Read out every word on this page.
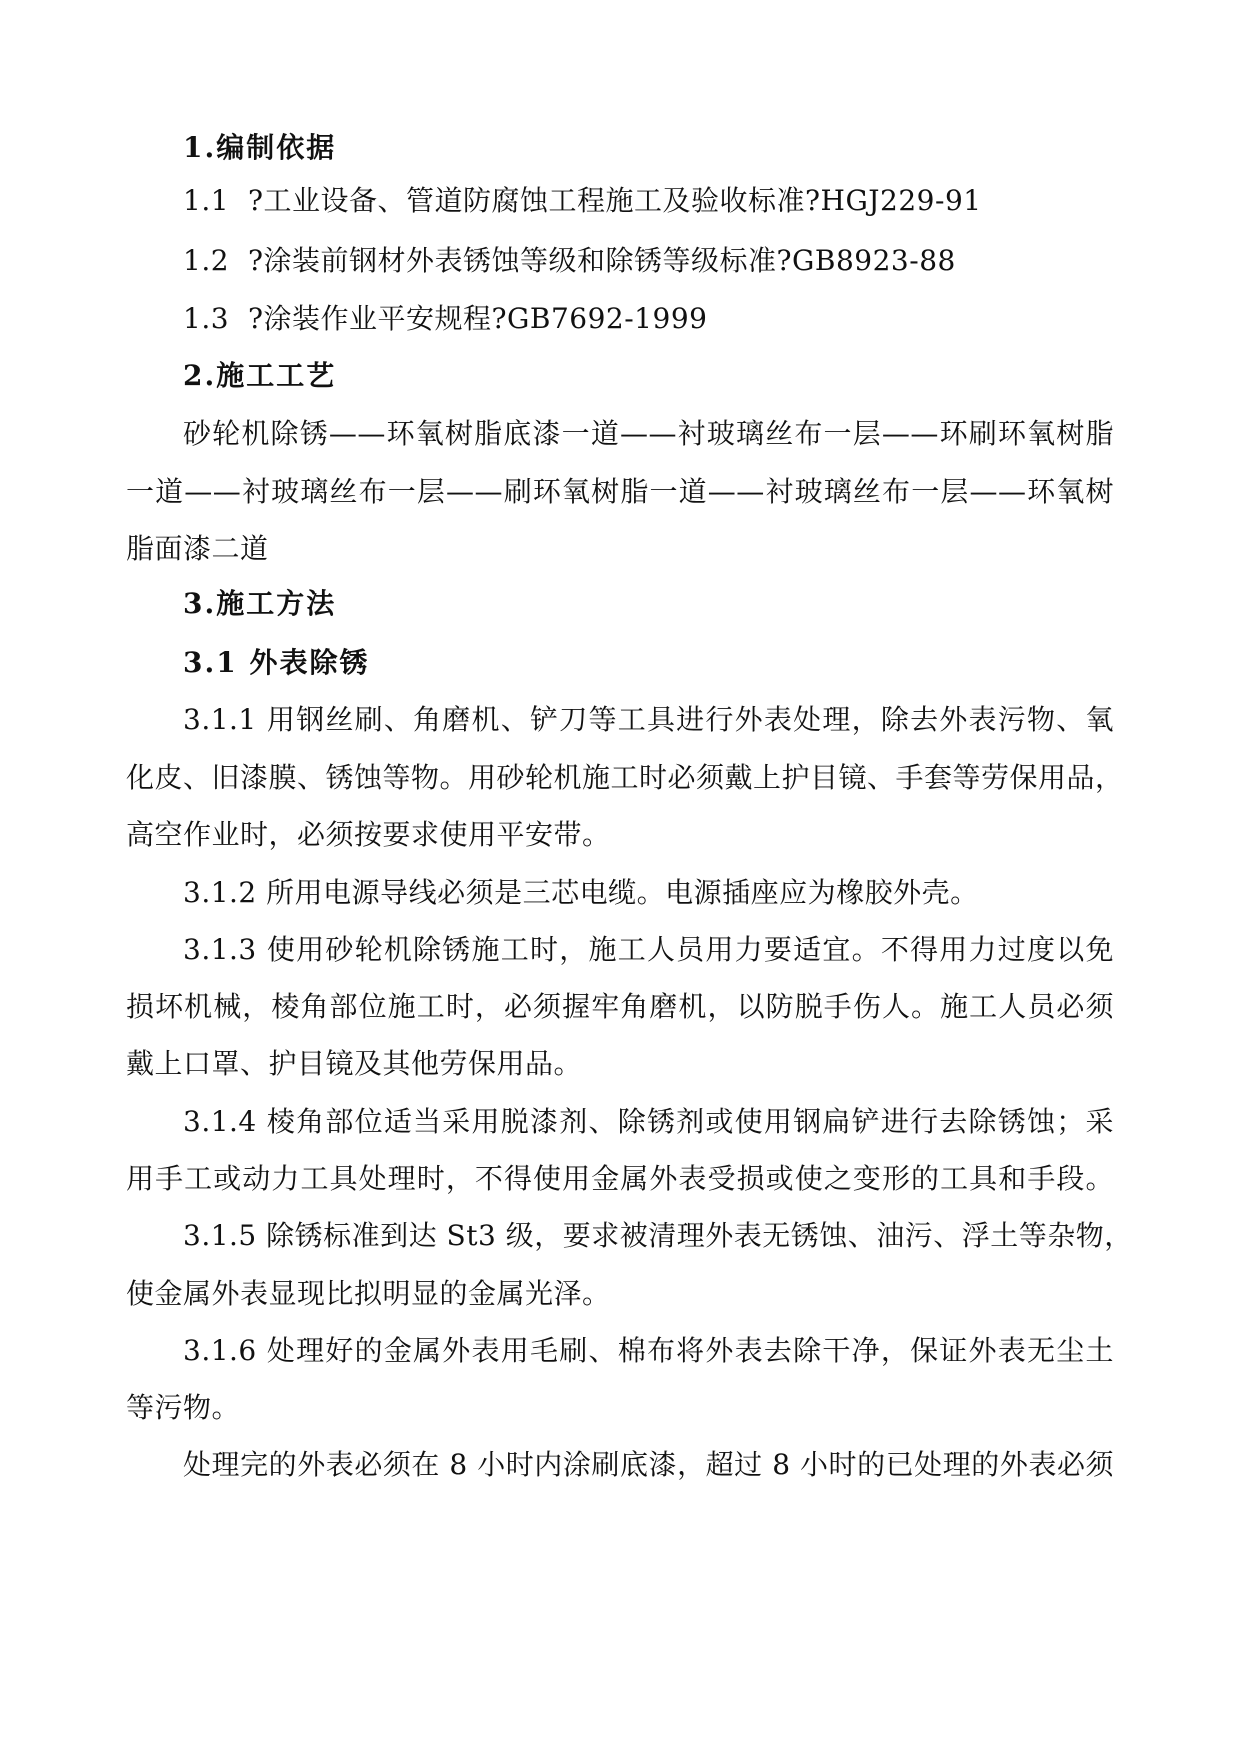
1.编制依据
1.1 ?工业设备、管道防腐蚀工程施工及验收标准?HGJ229-91
1.2 ?涂装前钢材外表锈蚀等级和除锈等级标准?GB8923-88
1.3 ?涂装作业平安规程?GB7692-1999
2.施工工艺
砂轮机除锈——环氧树脂底漆一道——衬玻璃丝布一层——环刷环氧树脂
一道——衬玻璃丝布一层——刷环氧树脂一道——衬玻璃丝布一层——环氧树
脂面漆二道
3.施工方法
3.1 外表除锈
3.1.1 用钢丝刷、角磨机、铲刀等工具进行外表处理，除去外表污物、氧
化皮、旧漆膜、锈蚀等物。用砂轮机施工时必须戴上护目镜、手套等劳保用品，
高空作业时，必须按要求使用平安带。
3.1.2 所用电源导线必须是三芯电缆。电源插座应为橡胶外壳。
3.1.3 使用砂轮机除锈施工时，施工人员用力要适宜。不得用力过度以免
损坏机械，棱角部位施工时，必须握牢角磨机，以防脱手伤人。施工人员必须
戴上口罩、护目镜及其他劳保用品。
3.1.4 棱角部位适当采用脱漆剂、除锈剂或使用钢扁铲进行去除锈蚀；采
用手工或动力工具处理时，不得使用金属外表受损或使之变形的工具和手段。
3.1.5 除锈标准到达 St3 级，要求被清理外表无锈蚀、油污、浮土等杂物，
使金属外表显现比拟明显的金属光泽。
3.1.6 处理好的金属外表用毛刷、棉布将外表去除干净，保证外表无尘土
等污物。
处理完的外表必须在 8 小时内涂刷底漆，超过 8 小时的已处理的外表必须
